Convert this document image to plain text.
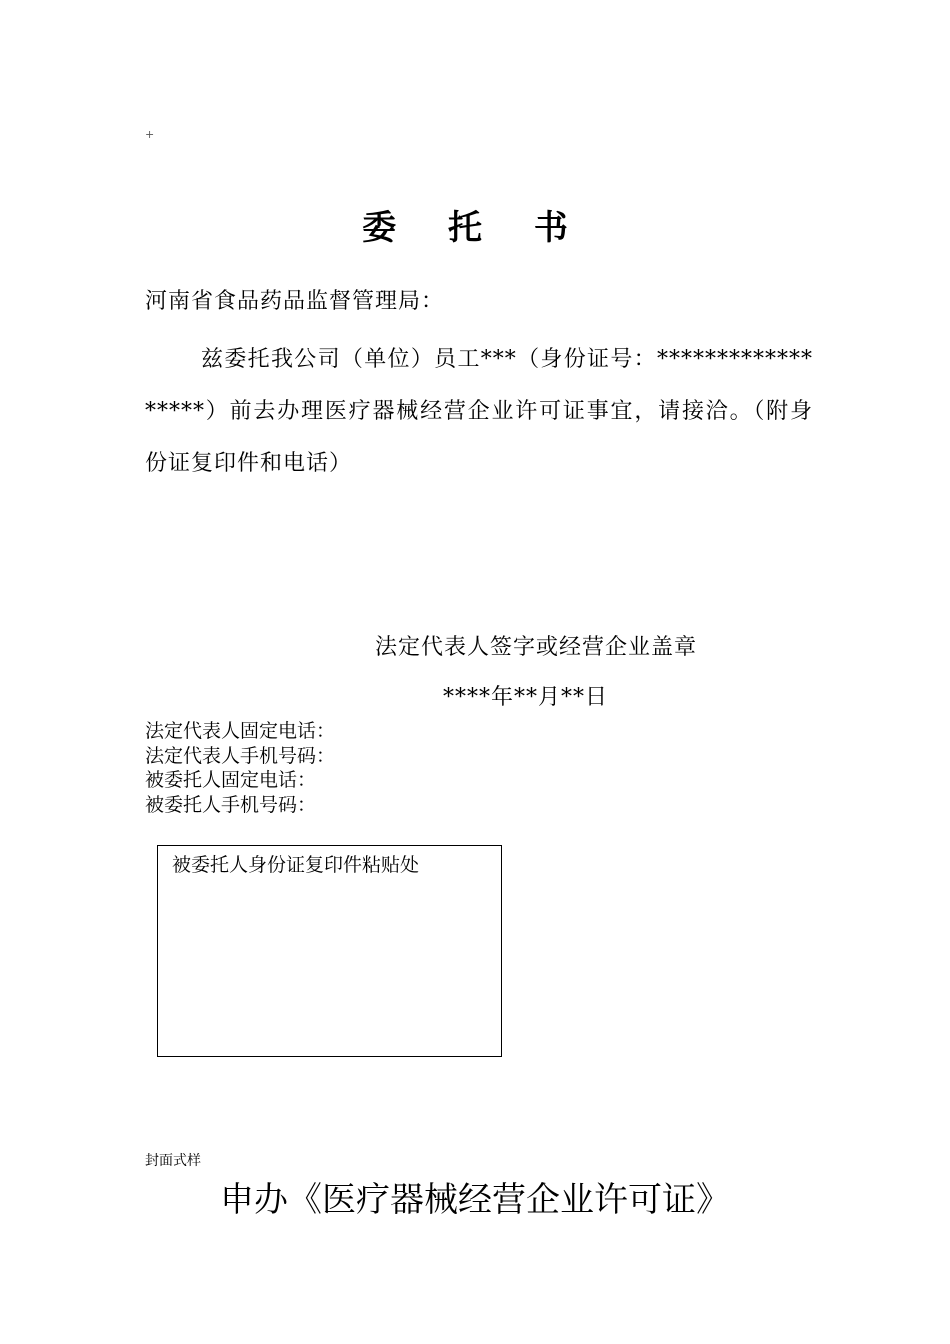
+
委 托 书
河南省食品药品监督管理局：
兹委托我公司（单位）员工***（身份证号：******************）前去办理医疗器械经营企业许可证事宜，请接洽。（附身份证复印件和电话）
法定代表人签字或经营企业盖章
****年**月**日
法定代表人固定电话：
法定代表人手机号码：
被委托人固定电话：
被委托人手机号码：
被委托人身份证复印件粘贴处
封面式样
申办《医疗器械经营企业许可证》
